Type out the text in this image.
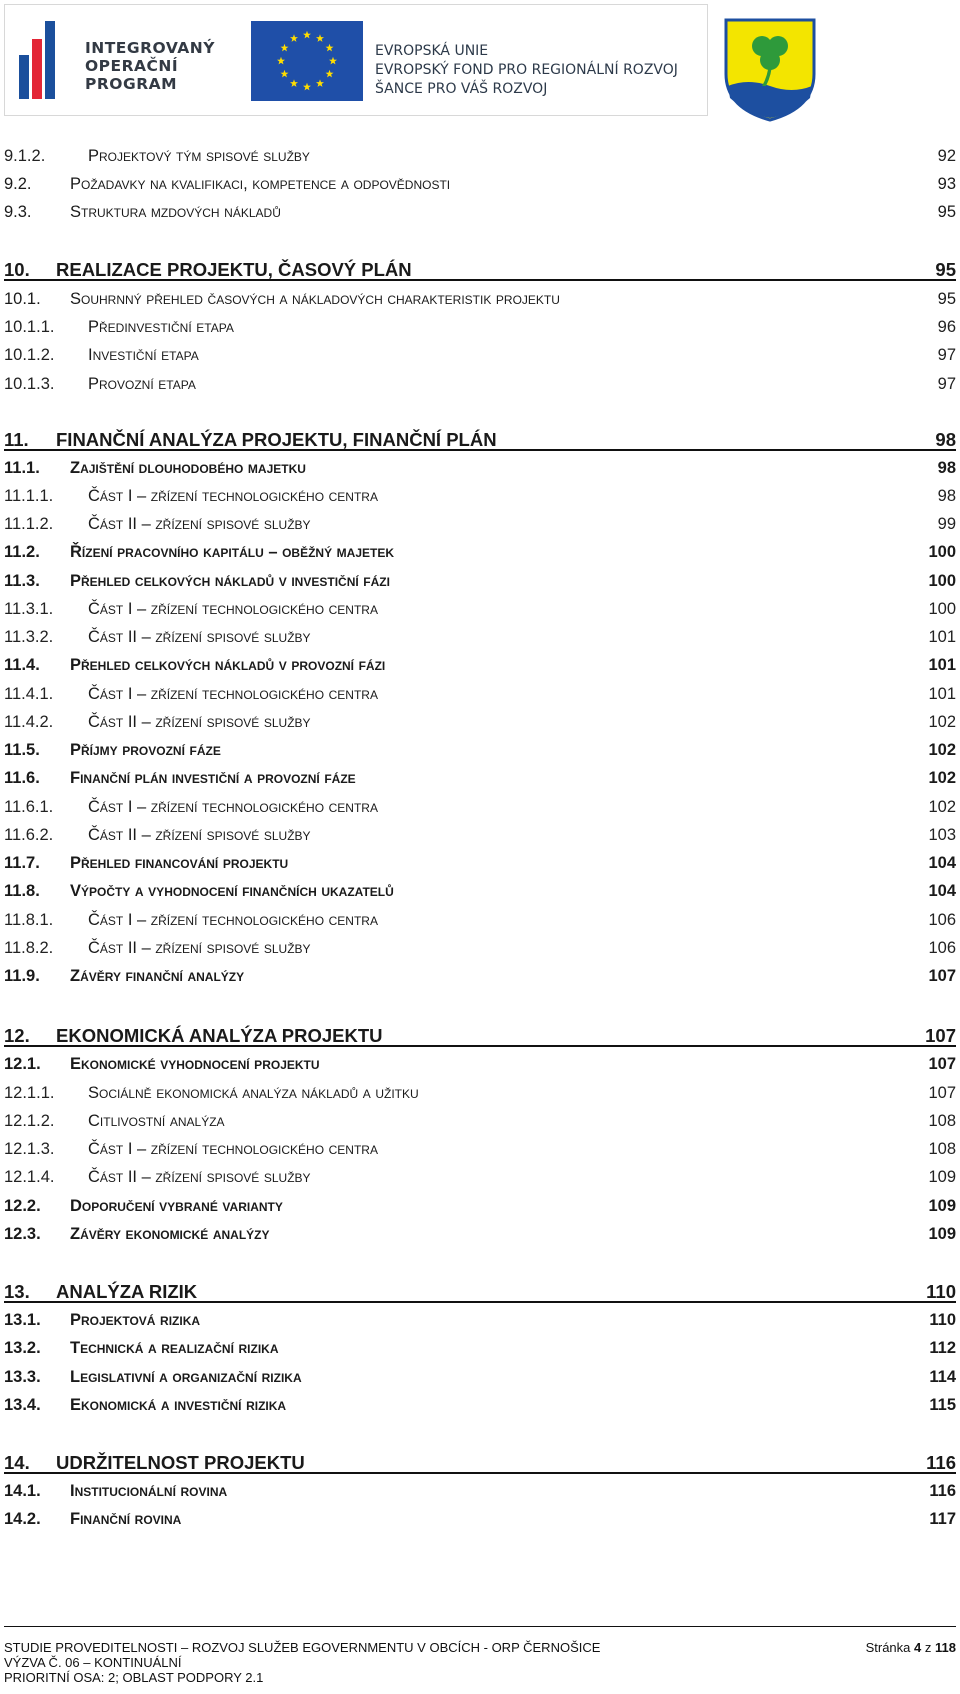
INTEGROVANÝ
OPERAČNÍ
PROGRAM
EVROPSKÁ UNIE
EVROPSKÝ FOND PRO REGIONÁLNÍ ROZVOJ
ŠANCE PRO VÁŠ ROZVOJ
9.1.2.	Projektový tým spisové služby	92
9.2. Požadavky na kvalifikaci, kompetence a odpovědnosti	93
9.3. Struktura mzdových nákladů	95
10. REALIZACE PROJEKTU, ČASOVÝ PLÁN	95
10.1. Souhrnný přehled časových a nákladových charakteristik projektu	95
10.1.1. Předinvestiční etapa	96
10.1.2. Investiční etapa	97
10.1.3. Provozní etapa	97
11. FINANČNÍ ANALÝZA PROJEKTU, FINANČNÍ PLÁN	98
11.1. Zajištění dlouhodobého majetku	98
11.1.1. Část I – zřízení technologického centra	98
11.1.2. Část II – zřízení spisové služby	99
11.2. Řízení pracovního kapitálu – oběžný majetek	100
11.3. Přehled celkových nákladů v investiční fázi	100
11.3.1. Část I – zřízení technologického centra	100
11.3.2. Část II – zřízení spisové služby	101
11.4. Přehled celkových nákladů v provozní fázi	101
11.4.1. Část I – zřízení technologického centra	101
11.4.2. Část II – zřízení spisové služby	102
11.5. Příjmy provozní fáze	102
11.6. Finanční plán investiční a provozní fáze	102
11.6.1. Část I – zřízení technologického centra	102
11.6.2. Část II – zřízení spisové služby	103
11.7. Přehled financování projektu	104
11.8. Výpočty a vyhodnocení finančních ukazatelů	104
11.8.1. Část I – zřízení technologického centra	106
11.8.2. Část II – zřízení spisové služby	106
11.9. Závěry finanční analýzy	107
12. EKONOMICKÁ ANALÝZA PROJEKTU	107
12.1. Ekonomické vyhodnocení projektu	107
12.1.1. Sociálně ekonomická analýza nákladů a užitku	107
12.1.2. Citlivostní analýza	108
12.1.3. Část I – zřízení technologického centra	108
12.1.4. Část II – zřízení spisové služby	109
12.2. Doporučení vybrané varianty	109
12.3. Závěry ekonomické analýzy	109
13. ANALÝZA RIZIK	110
13.1. Projektová rizika	110
13.2. Technická a realizační rizika	112
13.3. Legislativní a organizační rizika	114
13.4. Ekonomická a investiční rizika	115
14. UDRŽITELNOST PROJEKTU	116
14.1. Institucionální rovina	116
14.2. Finanční rovina	117
STUDIE PROVEDITELNOSTI – ROZVOJ SLUŽEB EGOVERNMENTU V OBCÍCH - ORP ČERNOŠICE
VÝZVA Č. 06 – KONTINUÁLNÍ
PRIORITNÍ OSA: 2; OBLAST PODPORY 2.1
Stránka 4 z 118
